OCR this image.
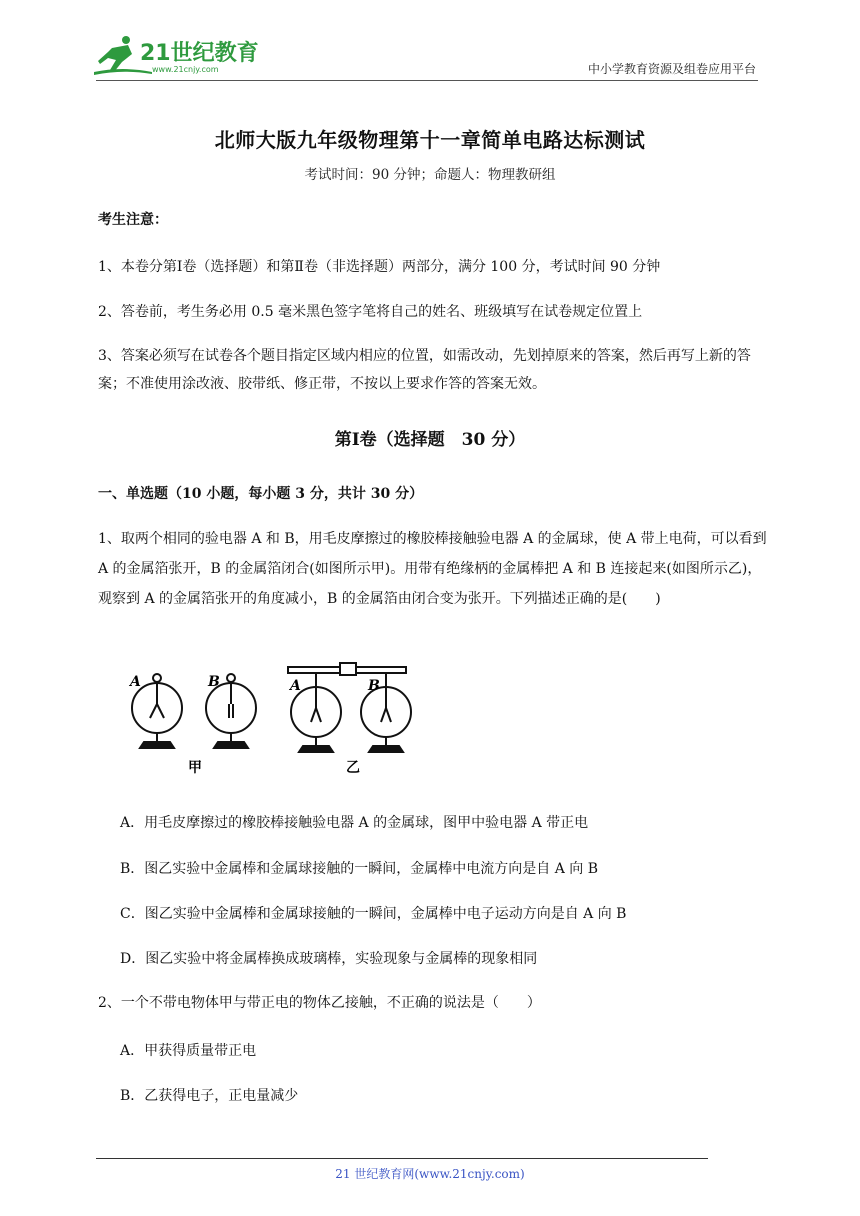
21世纪教育
www.21cnjy.com	中小学教育资源及组卷应用平台
北师大版九年级物理第十一章简单电路达标测试
考试时间：90 分钟；命题人：物理教研组
考生注意：
1、本卷分第Ⅰ卷（选择题）和第Ⅱ卷（非选择题）两部分，满分 100 分，考试时间 90 分钟
2、答卷前，考生务必用 0.5 毫米黑色签字笔将自己的姓名、班级填写在试卷规定位置上
3、答案必须写在试卷各个题目指定区域内相应的位置，如需改动，先划掉原来的答案，然后再写上新的答案；不准使用涂改液、胶带纸、修正带，不按以上要求作答的答案无效。
第Ⅰ卷（选择题　30 分）
一、单选题（10 小题，每小题 3 分，共计 30 分）
1、取两个相同的验电器 A 和 B，用毛皮摩擦过的橡胶棒接触验电器 A 的金属球，使 A 带上电荷，可以看到 A 的金属箔张开，B 的金属箔闭合(如图所示甲)。用带有绝缘柄的金属棒把 A 和 B 连接起来(如图所示乙)，观察到 A 的金属箔张开的角度减小，B 的金属箔由闭合变为张开。下列描述正确的是(　　)
A	B
甲
A	B
乙
A．用毛皮摩擦过的橡胶棒接触验电器 A 的金属球，图甲中验电器 A 带正电
B．图乙实验中金属棒和金属球接触的一瞬间，金属棒中电流方向是自 A 向 B
C．图乙实验中金属棒和金属球接触的一瞬间，金属棒中电子运动方向是自 A 向 B
D．图乙实验中将金属棒换成玻璃棒，实验现象与金属棒的现象相同
2、一个不带电物体甲与带正电的物体乙接触，不正确的说法是（　　）
A．甲获得质量带正电
B．乙获得电子，正电量减少
21 世纪教育网(www.21cnjy.com)
